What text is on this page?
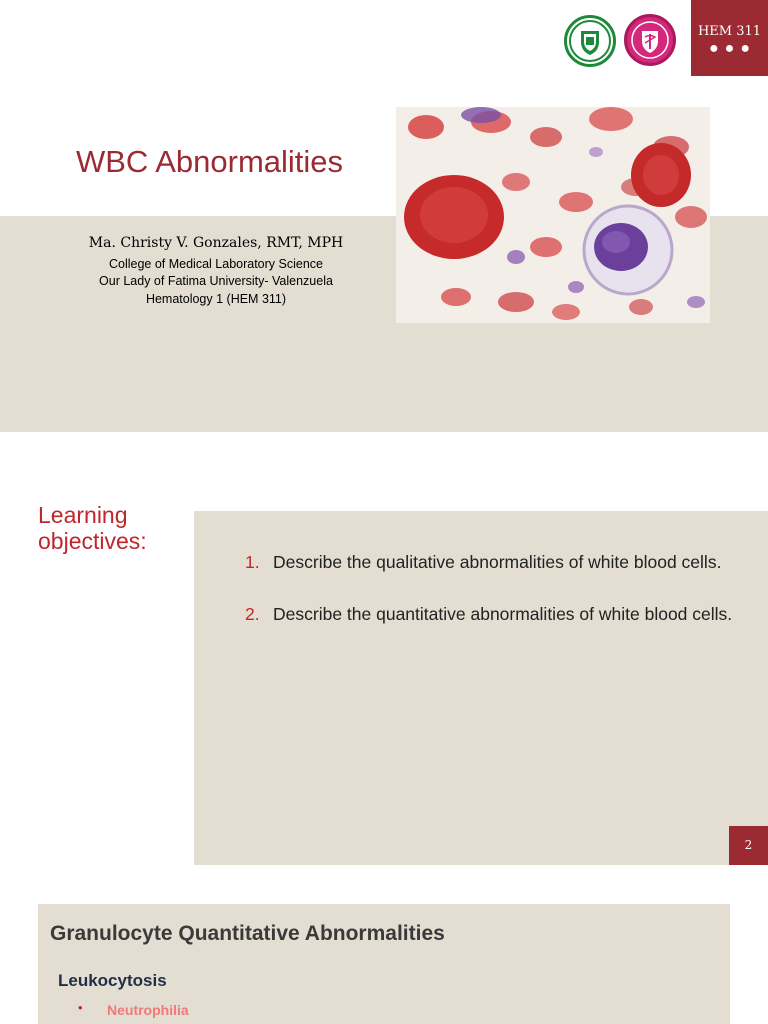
WBC Abnormalities
Ma. Christy V. Gonzales, RMT, MPH
College of Medical Laboratory Science
Our Lady of Fatima University- Valenzuela
Hematology 1 (HEM 311)
HEM 311
●●●
Learning objectives:
1. Describe the qualitative abnormalities of white blood cells.
2. Describe the quantitative abnormalities of white blood cells.
2
Granulocyte Quantitative Abnormalities
Leukocytosis
• Neutrophilia
